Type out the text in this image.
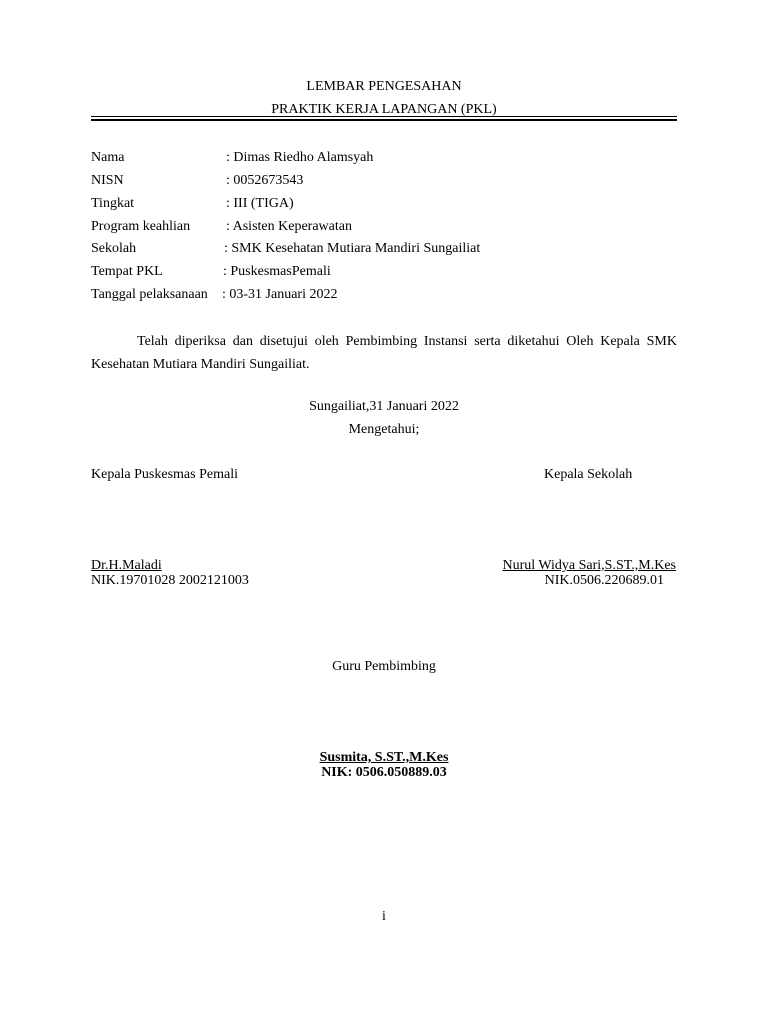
LEMBAR PENGESAHAN
PRAKTIK KERJA LAPANGAN (PKL)
Nama	: Dimas Riedho Alamsyah
NISN	: 0052673543
Tingkat	: III (TIGA)
Program keahlian	: Asisten Keperawatan
Sekolah	: SMK Kesehatan Mutiara Mandiri Sungailiat
Tempat PKL	: PuskesmasPemali
Tanggal pelaksanaan : 03-31 Januari 2022
Telah diperiksa dan disetujui oleh Pembimbing Instansi serta diketahui Oleh Kepala SMK Kesehatan Mutiara Mandiri Sungailiat.
Sungailiat,31 Januari 2022
Mengetahui;
Kepala Puskesmas Pemali	Kepala Sekolah
Dr.H.Maladi
NIK.19701028 2002121003
Nurul Widya Sari,S.ST.,M.Kes
NIK.0506.220689.01
Guru Pembimbing
Susmita, S.ST.,M.Kes
NIK: 0506.050889.03
i
